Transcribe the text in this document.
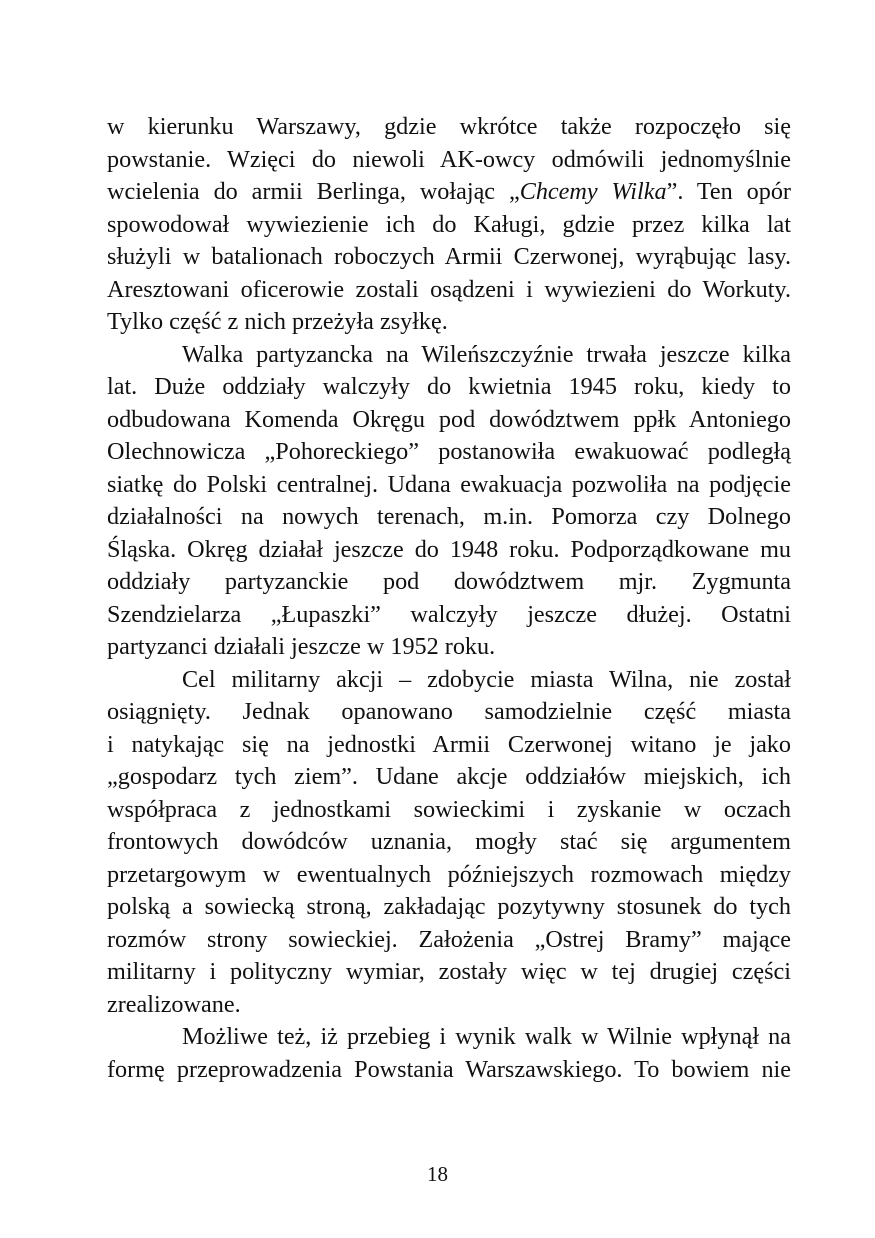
w kierunku Warszawy, gdzie wkrótce także rozpoczęło się
powstanie. Wzięci do niewoli AK-owcy odmówili jednomyślnie
wcielenia do armii Berlinga, wołając „Chcemy Wilka”. Ten opór
spowodował wywiezienie ich do Kaługi, gdzie przez kilka lat
służyli w batalionach roboczych Armii Czerwonej, wyrąbując lasy.
Aresztowani oficerowie zostali osądzeni i wywiezieni do Workuty.
Tylko część z nich przeżyła zsyłkę.

Walka partyzancka na Wileńszczyźnie trwała jeszcze kilka
lat. Duże oddziały walczyły do kwietnia 1945 roku, kiedy to
odbudowana Komenda Okręgu pod dowództwem ppłk Antoniego
Olechnowicza „Pohoreckiego” postanowiła ewakuować podległą
siatkę do Polski centralnej. Udana ewakuacja pozwoliła na podjęcie
działalności na nowych terenach, m.in. Pomorza czy Dolnego
Śląska. Okręg działał jeszcze do 1948 roku. Podporządkowane mu
oddziały partyzanckie pod dowództwem mjr. Zygmunta
Szendzielarza „Łupaszki” walczyły jeszcze dłużej. Ostatni
partyzanci działali jeszcze w 1952 roku.

Cel militarny akcji – zdobycie miasta Wilna, nie został
osiągnięty. Jednak opanowano samodzielnie część miasta
i natykając się na jednostki Armii Czerwonej witano je jako
„gospodarz tych ziem”. Udane akcje oddziałów miejskich, ich
współpraca z jednostkami sowieckimi i zyskanie w oczach
frontowych dowódców uznania, mogły stać się argumentem
przetargowym w ewentualnych późniejszych rozmowach między
polską a sowiecką stroną, zakładając pozytywny stosunek do tych
rozmów strony sowieckiej. Założenia „Ostrej Bramy” mające
militarny i polityczny wymiar, zostały więc w tej drugiej części
zrealizowane.

Możliwe też, iż przebieg i wynik walk w Wilnie wpłynął na
formę przeprowadzenia Powstania Warszawskiego. To bowiem nie

18
